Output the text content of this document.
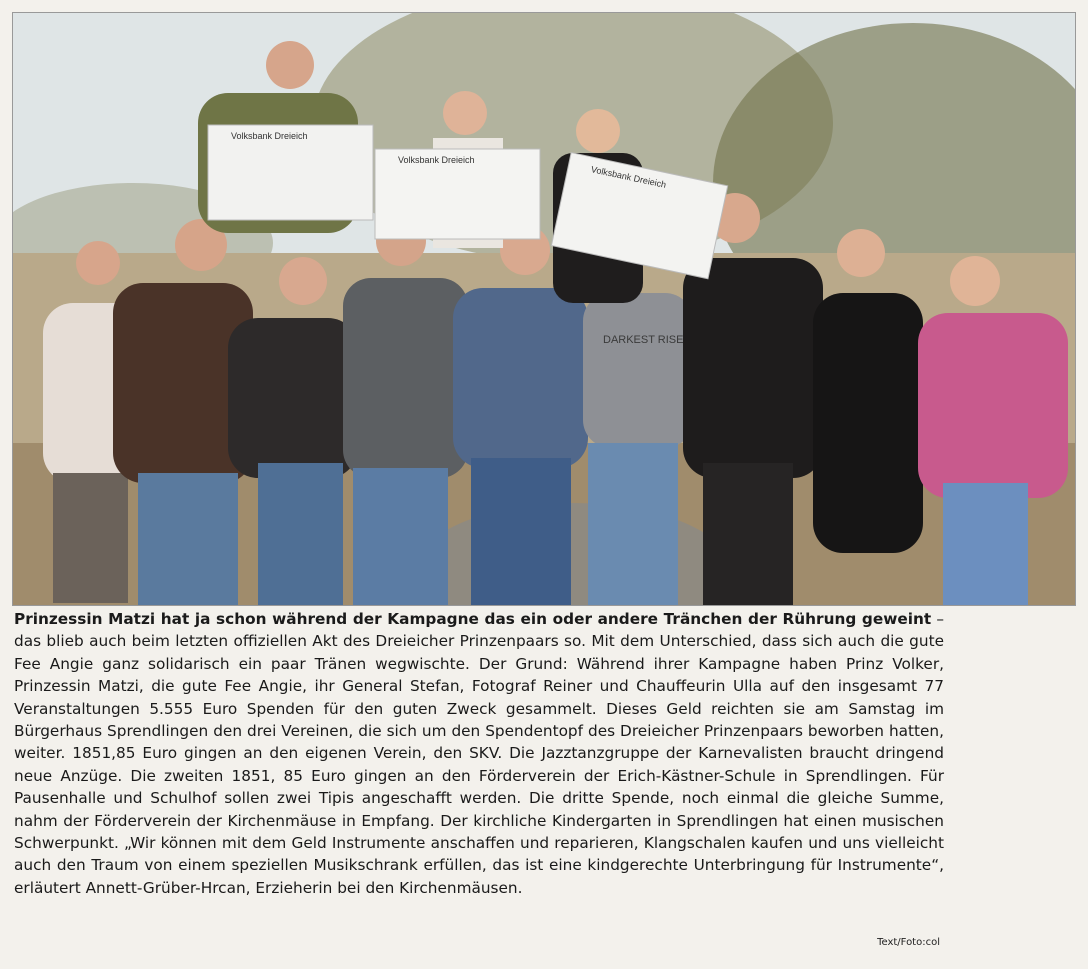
Volksbank Dreieich
Volksbank Dreieich
Volksbank Dreieich
DARKEST RISE

Prinzessin Matzi hat ja schon während der Kampagne das ein oder andere Tränchen der Rührung geweint – das blieb auch beim letzten offiziellen Akt des Dreieicher Prinzenpaars so. Mit dem Unterschied, dass sich auch die gute Fee Angie ganz solidarisch ein paar Tränen wegwischte. Der Grund: Während ihrer Kampagne haben Prinz Volker, Prinzessin Matzi, die gute Fee Angie, ihr General Stefan, Fotograf Reiner und Chauffeurin Ulla auf den insgesamt 77 Veranstaltungen 5.555 Euro Spenden für den guten Zweck gesammelt. Dieses Geld reichten sie am Samstag im Bürgerhaus Sprendlingen den drei Vereinen, die sich um den Spendentopf des Dreieicher Prinzenpaars beworben hatten, weiter. 1851,85 Euro gingen an den eigenen Verein, den SKV. Die Jazztanzgruppe der Karnevalisten braucht dringend neue Anzüge. Die zweiten 1851, 85 Euro gingen an den Förderverein der Erich-Kästner-Schule in Sprendlingen. Für Pausenhalle und Schulhof sollen zwei Tipis angeschafft werden. Die dritte Spende, noch einmal die gleiche Summe, nahm der Förderverein der Kirchenmäuse in Empfang. Der kirchliche Kindergarten in Sprendlingen hat einen musischen Schwerpunkt. „Wir können mit dem Geld Instrumente anschaffen und reparieren, Klangschalen kaufen und uns vielleicht auch den Traum von einem speziellen Musikschrank erfüllen, das ist eine kindgerechte Unterbringung für Instrumente“, erläutert Annett-Grüber-Hrcan, Erzieherin bei den Kirchenmäusen.

Text/Foto:col
